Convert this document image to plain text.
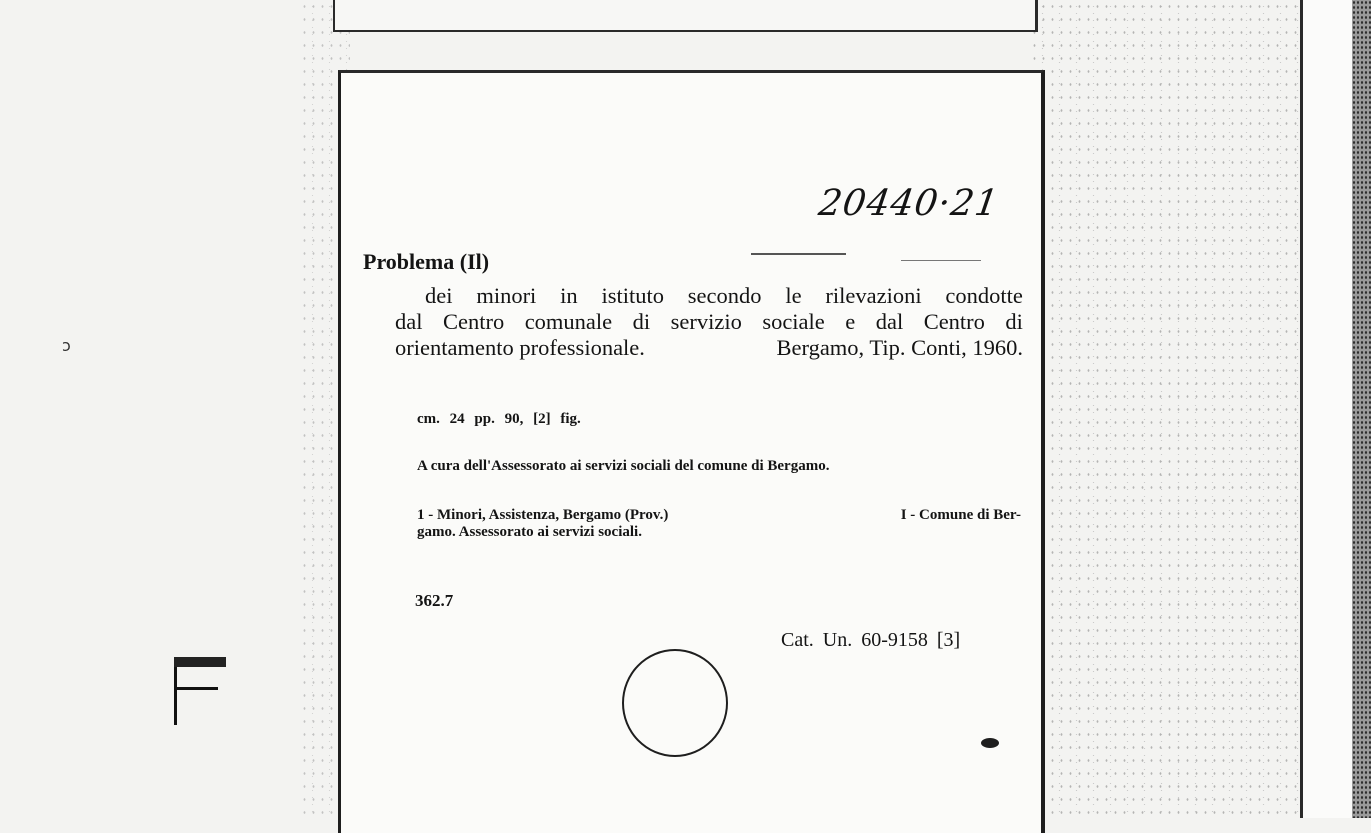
ↄ
20440·21
Problema (Il)
dei minori in istituto secondo le rilevazioni condotte
dal Centro comunale di servizio sociale e dal Centro di
orientamento professionale.	Bergamo, Tip. Conti, 1960.
cm. 24 pp. 90, [2] fig.
A cura dell'Assessorato ai servizi sociali del comune di Bergamo.
1 - Minori, Assistenza, Bergamo (Prov.)	I - Comune di Ber-
gamo. Assessorato ai servizi sociali.
362.7
Cat. Un. 60-9158 [3]
